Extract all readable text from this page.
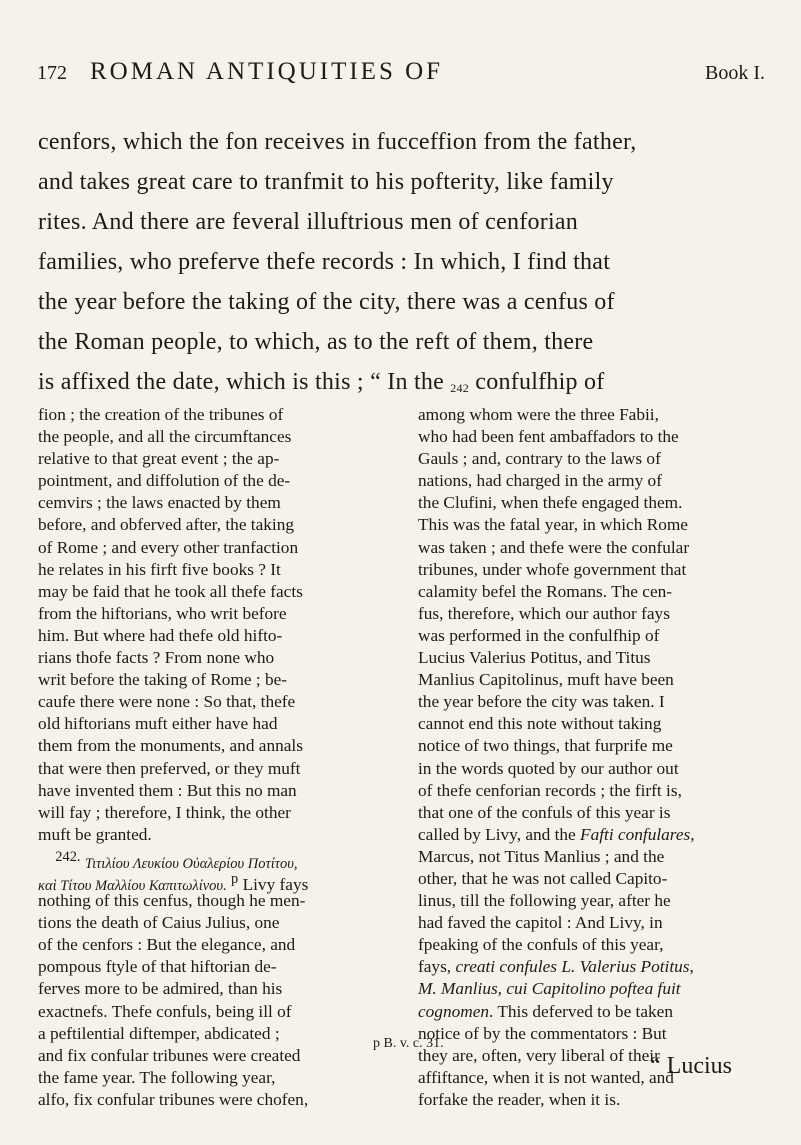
172 ROMAN ANTIQUITIES OF	Book I.
cenfors, which the fon receives in fucceffion from the father,
and takes great care to tranfmit to his pofterity, like family
rites. And there are feveral illuftrious men of cenforian
families, who preferve thefe records : In which, I find that
the year before the taking of the city, there was a cenfus of
the Roman people, to which, as to the reft of them, there
is affixed the date, which is this ; “ In the $^{242}$ confulfhip of
fion ; the creation of the tribunes of
the people, and all the circumftances
relative to that great event ; the ap-
pointment, and diffolution of the de-
cemvirs ; the laws enacted by them
before, and obferved after, the taking
of Rome ; and every other tranfaction
he relates in his firft five books ? It
may be faid that he took all thefe facts
from the hiftorians, who writ before
him. But where had thefe old hifto-
rians thofe facts ? From none who
writ before the taking of Rome ; be-
caufe there were none : So that, thefe
old hiftorians muft either have had
them from the monuments, and annals
that were then preferved, or they muft
have invented them : But this no man
will fay ; therefore, I think, the other
muft be granted.
 $^{242.}$ Τιτιλίου Λευκίου Οὐαλερίου Ποτίτου,
καὶ Τίτου Μαλλίου Καπιτωλίνου. $^p$ Livy fays
nothing of this cenfus, though he men-
tions the death of Caius Julius, one
of the cenfors : But the elegance, and
pompous ftyle of that hiftorian de-
ferves more to be admired, than his
exactnefs. Thefe confuls, being ill of
a peftilential diftemper, abdicated ;
and fix confular tribunes were created
the fame year. The following year,
alfo, fix confular tribunes were chofen,
among whom were the three Fabii,
who had been fent ambaffadors to the
Gauls ; and, contrary to the laws of
nations, had charged in the army of
the Clufini, when thefe engaged them.
This was the fatal year, in which Rome
was taken ; and thefe were the confular
tribunes, under whofe government that
calamity befel the Romans. The cen-
fus, therefore, which our author fays
was performed in the confulfhip of
Lucius Valerius Potitus, and Titus
Manlius Capitolinus, muft have been
the year before the city was taken. I
cannot end this note without taking
notice of two things, that furprife me
in the words quoted by our author out
of thefe cenforian records ; the firft is,
that one of the confuls of this year is
called by Livy, and the Fafti confulares,
Marcus, not Titus Manlius ; and the
other, that he was not called Capito-
linus, till the following year, after he
had faved the capitol : And Livy, in
fpeaking of the confuls of this year,
fays, creati confules L. Valerius Potitus,
M. Manlius, cui Capitolino poftea fuit
cognomen. This deferved to be taken
notice of by the commentators : But
they are, often, very liberal of their
affiftance, when it is not wanted, and
forfake the reader, when it is.
p B. v. c. 31.
“ Lucius
